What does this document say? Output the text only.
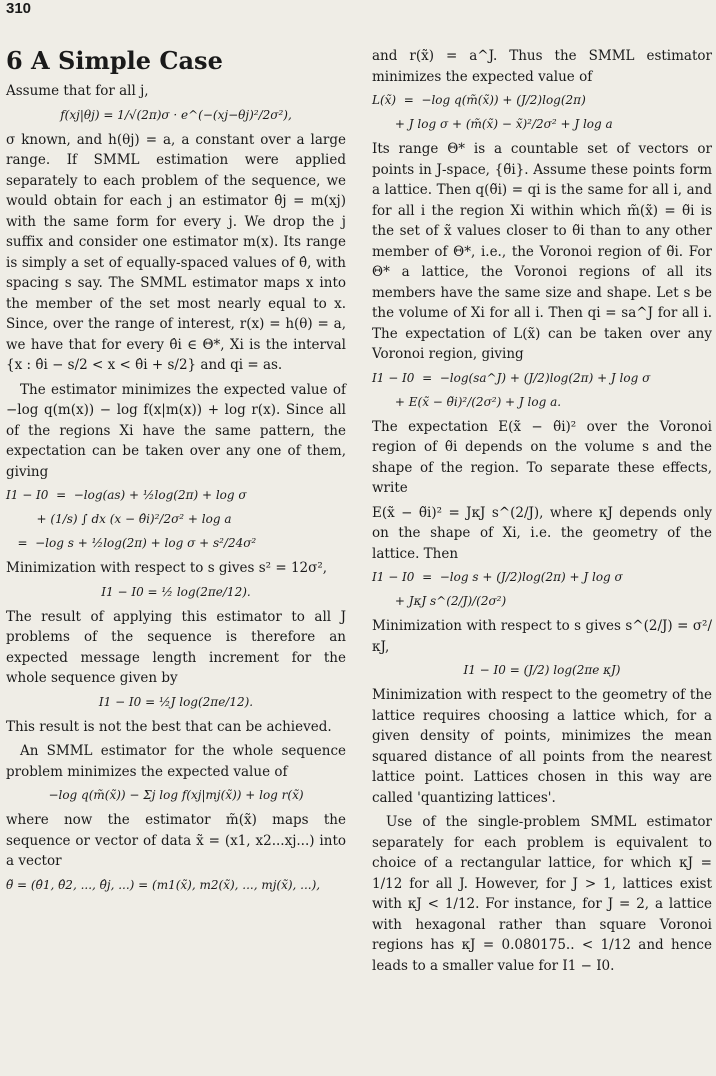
310
6 A Simple Case

Assume that for all j,

f(xj|θj) = 1/√(2π)σ · e^(−(xj−θj)²/2σ²),

σ known, and h(θj) = a, a constant over a large range. If SMML estimation were applied separately to each problem of the sequence, we would obtain for each j an estimator θ̂j = m(xj) with the same form for every j. We drop the j suffix and consider one estimator m(x). Its range is simply a set of equally-spaced values of θ̂, with spacing s say. The SMML estimator maps x into the member of the set most nearly equal to x. Since, over the range of interest, r(x) = h(θ) = a, we have that for every θ̂i ∈ Θ*, Xi is the interval {x : θ̂i − s/2 < x < θ̂i + s/2} and qi = as.

The estimator minimizes the expected value of −log q(m(x)) − log f(x|m(x)) + log r(x). Since all of the regions Xi have the same pattern, the expectation can be taken over any one of them, giving

I1 − I0  =  −log(as) + ½log(2π) + log σ
+ (1/s) ∫ dx (x − θ̂i)²/2σ² + log a
=  −log s + ½log(2π) + log σ + s²/24σ²

Minimization with respect to s gives s² = 12σ²,

I1 − I0 = ½ log(2πe/12).

The result of applying this estimator to all J problems of the sequence is therefore an expected message length increment for the whole sequence given by

I1 − I0 = ½J log(2πe/12).

This result is not the best that can be achieved.

An SMML estimator for the whole sequence problem minimizes the expected value of

−log q(m̃(x̃)) − Σj log f(xj|mj(x̃)) + log r(x̃)

where now the estimator m̃(x̃) maps the sequence or vector of data x̃ = (x1, x2...xj...) into a vector

θ̃ = (θ̂1, θ̂2, ..., θ̂j, ...) = (m1(x̃), m2(x̃), ..., mj(x̃), ...),

and r(x̃) = a^J. Thus the SMML estimator minimizes the expected value of

L(x̃)  =  −log q(m̃(x̃)) + (J/2)log(2π)
+ J log σ + (m̃(x̃) − x̃)²/2σ² + J log a

Its range Θ* is a countable set of vectors or points in J-space, {θ̃i}. Assume these points form a lattice. Then q(θ̃i) = qi is the same for all i, and for all i the region Xi within which m̃(x̃) = θ̃i is the set of x̃ values closer to θ̃i than to any other member of Θ*, i.e., the Voronoi region of θ̃i. For Θ* a lattice, the Voronoi regions of all its members have the same size and shape. Let s be the volume of Xi for all i. Then qi = sa^J for all i. The expectation of L(x̃) can be taken over any Voronoi region, giving

I1 − I0  =  −log(sa^J) + (J/2)log(2π) + J log σ
+ E(x̃ − θ̃i)²/(2σ²) + J log a.

The expectation E(x̃ − θ̃i)² over the Voronoi region of θ̃i depends on the volume s and the shape of the region. To separate these effects, write

E(x̃ − θ̃i)² = JκJ s^(2/J), where κJ depends only on the shape of Xi, i.e. the geometry of the lattice. Then

I1 − I0  =  −log s + (J/2)log(2π) + J log σ
+ JκJ s^(2/J)/(2σ²)

Minimization with respect to s gives s^(2/J) = σ²/κJ,

I1 − I0 = (J/2) log(2πe κJ)

Minimization with respect to the geometry of the lattice requires choosing a lattice which, for a given density of points, minimizes the mean squared distance of all points from the nearest lattice point. Lattices chosen in this way are called 'quantizing lattices'.

Use of the single-problem SMML estimator separately for each problem is equivalent to choice of a rectangular lattice, for which κJ = 1/12 for all J. However, for J > 1, lattices exist with κJ < 1/12. For instance, for J = 2, a lattice with hexagonal rather than square Voronoi regions has κJ = 0.080175.. < 1/12 and hence leads to a smaller value for I1 − I0.
